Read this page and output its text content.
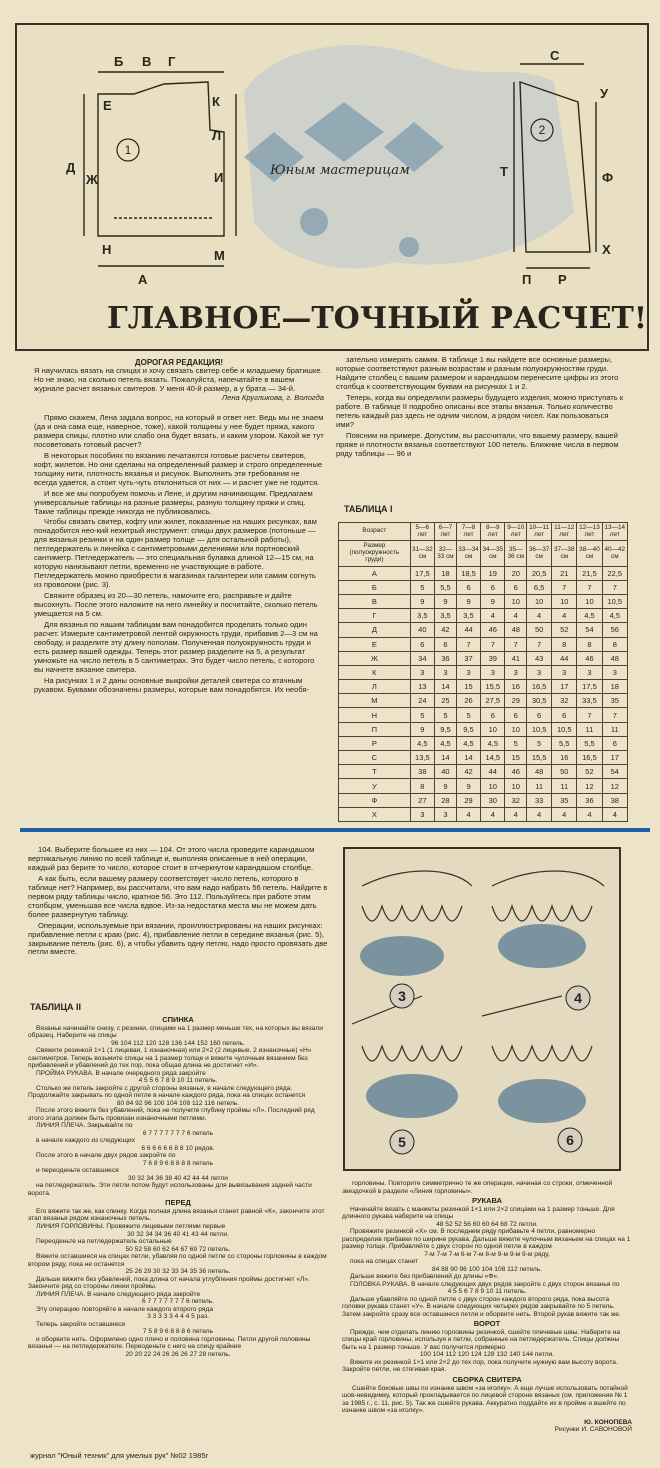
1
Б В Г
Е	К
Л
Д
Ж	И
А
М
Н
2
С
У
Т	Ф
Х
П Р
Юным мастерицам
ГЛАВНОЕ—ТОЧНЫЙ РАСЧЕТ!
ДОРОГАЯ РЕДАКЦИЯ!
Я научилась вязать на спицах и хочу связать свитер себе и младшему братишке. Но не знаю, на сколько петель вязать. Пожалуйста, напечатайте в вашем журнале расчет вязаных свитеров. У меня 40-й размер, а у брата — 34-й.
Лена Кругликова, г. Вологда

Прямо скажем, Лена задала вопрос, на который я ответ нет. Ведь мы не знаем (да и она сама еще, наверное, тоже), какой толщины у нее будет пряжа, какого размера спицы, плотно или слабо она будет вязать, и каким узором. Какой же тут посоветовать готовый расчет?

В некоторых пособиях по вязанию печатаются готовые расчеты свитеров, кофт, жилетов. Но они сделаны на определенный размер и строго определенные толщину нити, плотность вязанья и рисунок. Выполнить эти требования не всегда удается, а стоит чуть-чуть отклониться от них — и расчет уже не годится.

И все же мы попробуем помочь и Лене, и другим начинающим. Предлагаем универсальные таблицы на разные размеры, разную толщину пряжи и спиц. Такие таблицы прежде никогда не публиковались.

Чтобы связать свитер, кофту или жилет, показанные на наших рисунках, вам понадобится нео-кий нехитрый инструмент: спицы двух размеров (потоньше — для вязанья резинки и на один размер толще — для остальной работы), петледержатель и линейка с сантиметровыми делениями или портновский сантиметр. Петледержатель — это специальная булавка длиной 12—15 см, на которую нанизывают петли, временно не участвующие в работе. Петледержатель можно приобрести в магазинах галантереи или самим согнуть из проволоки (рис. 3).

Свяжите образец из 20—30 петель, намочите его, расправьте и дайте высохнуть. После этого наложите на него линейку и посчитайте, сколько петель умещается на 5 см.

Для вязанья по нашим таблицам вам понадобится проделать только один расчет. Измерьте сантиметровой лентой окружность груди, прибавив 2—3 см на свободу, и разделите эту длину пополам. Полученная полуокружность груди и есть размер вашей одежды. Теперь этот размер разделите на 5, а результат умножьте на число петель в 5 сантиметрах. Это будет число петель, с которого вы начнете вязание свитера.

На рисунках 1 и 2 даны основные выкройки деталей свитера со втачным рукавом. Буквами обозначены размеры, которые вам понадобятся. Их необя-

зательно измерять самим. В таблице 1 вы найдете все основные размеры, которые соответствуют разным возрастам и разным полуокружностям груди. Найдите столбец с вашим размером и карандашом перенесите цифры из этого столбца к соответствующим буквам на рисунках 1 и 2.

Теперь, когда вы определили размеры будущего изделия, можно приступать к работе. В таблице II подробно описаны все этапы вязанья. Только количество петель каждый раз здесь не одним числом, а рядом чисел. Как пользоваться ими?

Поясним на примере. Допустим, вы рассчитали, что вашему размеру, вашей пряже и плотности вязанья соответствуют 100 петель. Ближние числа в первом ряду таблицы — 96 и

ТАБЛИЦА I
Возраст	5—6 лет	6—7 лет	7—8 лет	8—9 лет	9—10 лет	10—11 лет	11—12 лет	12—13 лет	13—14 лет
Размер (полуокружность груди)	31—32 см	32—33 см	33—34 см	34—35 см	35—36 см	36—37 см	37—38 см	38—40 см	40—42 см
А	17,5	18	18,5	19	20	20,5	21	21,5	22,5
Б	5	5,5	6	6	6	6,5	7	7	7
В	9	9	9	9	10	10	10	10	10,5
Г	3,5	3,5	3,5	4	4	4	4	4,5	4,5
Д	40	42	44	46	48	50	52	54	56
Е	6	6	7	7	7	7	8	8	8
Ж	34	36	37	39	41	43	44	46	48
К	3	3	3	3	3	3	3	3	3
Л	13	14	15	15,5	16	16,5	17	17,5	18
М	24	25	26	27,5	29	30,5	32	33,5	35
Н	5	5	5	6	6	6	6	7	7
П	9	9,5	9,5	10	10	10,5	10,5	11	11
Р	4,5	4,5	4,5	4,5	5	5	5,5	5,5	6
С	13,5	14	14	14,5	15	15,5	16	16,5	17
Т	38	40	42	44	46	48	50	52	54
У	8	9	9	10	10	11	11	12	12
Ф	27	28	29	30	32	33	35	36	38
Х	3	3	4	4	4	4	4	4	4

104. Выберите большее из них — 104. От этого числа проведите карандашом вертикальную линию по всей таблице и, выполняя описанные в ней операции, каждый раз берите то число, которое стоит в отчеркнутом карандашом столбце.

А как быть, если вашему размеру соответствует число петель, которого в таблице нет? Например, вы рассчитали, что вам надо набрать 56 петель. Найдите в первом ряду таблицы число, кратное 56. Это 112. Пользуйтесь при работе этим столбцом, уменьшая все числа вдвое. Из-за недостатка места мы не можем дать более развернутую таблицу.

Операции, используемые при вязании, проиллюстрированы на наших рисунках: прибавление петли с краю (рис. 4), прибавление петли в середине вязанья (рис. 5), закрывание петель (рис. 6), а чтобы убавить одну петлю, надо просто провязать две петли вместе.

ТАБЛИЦА II
СПИНКА
Вязанье начинайте снизу, с резинки, спицами на 1 размер меньше тех, на которых вы вязали образец. Наберите на спицы
96 104 112 120 128 136 144 152 160 петель.
Свяжите резинкой 1×1 (1 лицевая, 1 изнаночная) или 2×2 (2 лицевые, 2 изнаночные) «Н» сантиметров. Теперь возьмите спицы на 1 размер толще и вяжите чулочным вязанием без прибавлений и убавлений до тех пор, пока общая длина не достигнет «И».
ПРОЙМА РУКАВА. В начале очередного ряда закройте
4 5 5 6 7 8 9 10 11 петель.
Столько же петель закройте с другой стороны вязанья, в начале следующего ряда. Продолжайте закрывать по одной петле в начале каждого ряда, пока на спицах останется
80 84 92 96 100 104 108 112 116 петель.
После этого вяжите без убавлений, пока не получите глубину проймы «Л». Последний ряд этого этапа должен быть провязан изнаночными петлями.
ЛИНИЯ ПЛЕЧА. Закрывайте по
6 7 7 7 7 7 7 7 6 петель
в начале каждого из следующих
6 6 6 6 6 6 8 8 10 рядов.
После этого в начале двух рядов закройте по
7 6 8 9 6 8 8 8 8 петель
и переоденьте оставшиеся
30 32 34 36 38 40 42 44 44 петли
на петледержатель. Эти петли потом будут использованы для вывязывания задней части ворота.
ПЕРЕД
Его вяжите так же, как спинку. Когда полная длина вязанья станет равной «К», закончите этот этап вязанья рядом изнаночных петель.
ЛИНИЯ ГОРЛОВИНЫ. Провяжите лицевыми петлями первые
30 32 34 34 36 40 41 43 44 петли.
Переоденьте на петледержатель остальные
50 52 58 60 62 64 67 69 72 петель.
Вяжите оставшиеся на спицах петли, убавляя по одной петле со стороны горловины в каждом втором ряду, пока не останется
25 26 29 30 32 33 34 35 36 петель.
Дальше вяжите без убавлений, пока длина от начала углубления проймы достигнет «Л». Закончите ряд со стороны линии проймы.
ЛИНИЯ ПЛЕЧА. В начале следующего ряда закройте
6 7 7 7 7 7 7 7 6 петель.
Эту операцию повторяйте в начале каждого второго ряда
3 3 3 3 3 4 4 4 5 раз.
Теперь закройте оставшиеся
7 5 8 9 6 8 8 8 6 петель
и оборвите нить. Оформлено одно плечо и половина горловины. Петли другой половины вязанья — на петледержателе. Переоденьте с него на спицу крайние
20 20 22 24 26 26 26 27 28 петель.
3	4
5	6

горловины. Повторите симметрично те же операции, начиная со строки, отмеченной звездочкой в разделе «Линия горловины».

РУКАВА
Начинайте вязать с манжеты резинкой 1×1 или 2×2 спицами на 1 размер тоньше. Для длинного рукава наберите на спицы
48 52 52 56 60 60 64 68 72 петли.
Провяжите резинкой «Х» см. В последнем ряду прибавьте 4 петли, равномерно распределив прибавки по ширине рукава. Дальше вяжите чулочным вязаньем на спицах на 1 размер толще. Прибавляйте с двух сторон по одной петле в каждом
7-м 7-м 7-м 6-м 7-м 8-м 9-м 9-м 9-м ряду,
пока на спицах станет
84 88 90 96 100 104 108 112 петель.
Дальше вяжите без прибавлений до длины «Ф».
ГОЛОВКА РУКАВА. В начале следующих двух рядов закройте с двух сторон вязанья по
4 5 5 6 7 8 9 10 11 петель.
Дальше убавляйте по одной петле с двух сторон каждого второго ряда, пока высота головки рукава станет «У». В начале следующих четырех рядов закрывайте по 5 петель. Затем закройте сразу все оставшиеся петли и оборвите нить. Второй рукав вяжите так же.
ВОРОТ
Прежде, чем отделать линию горловины резинкой, сшейте плечевые швы. Наберите на спицы край горловины, используя и петли, собранные на петледержатель. Спицы должны быть на 1 размер тоньше. У вас получится примерно
100 104 112 120 124 128 132 140 144 петли.
Вяжите их резинкой 1×1 или 2×2 до тех пор, пока получите нужную вам высоту ворота. Закройте петли, не стягивая края.
СБОРКА СВИТЕРА
Сшейте боковые швы по изнанке швом «за иголку». А еще лучше использовать потайной шов-невидимку, который прокладывается по лицевой стороне вязаных (см. приложение № 1 за 1985 г., с. 11, рис. 5). Так же сшейте рукава. Аккуратно поддайте их в пройме и вшейте по изнанке швом «за иголку».
Ю. КОНОПЕВА
Рисунки И. САВОНОВОЙ
журнал "Юный техник" для умелых рук" №02 1985г
